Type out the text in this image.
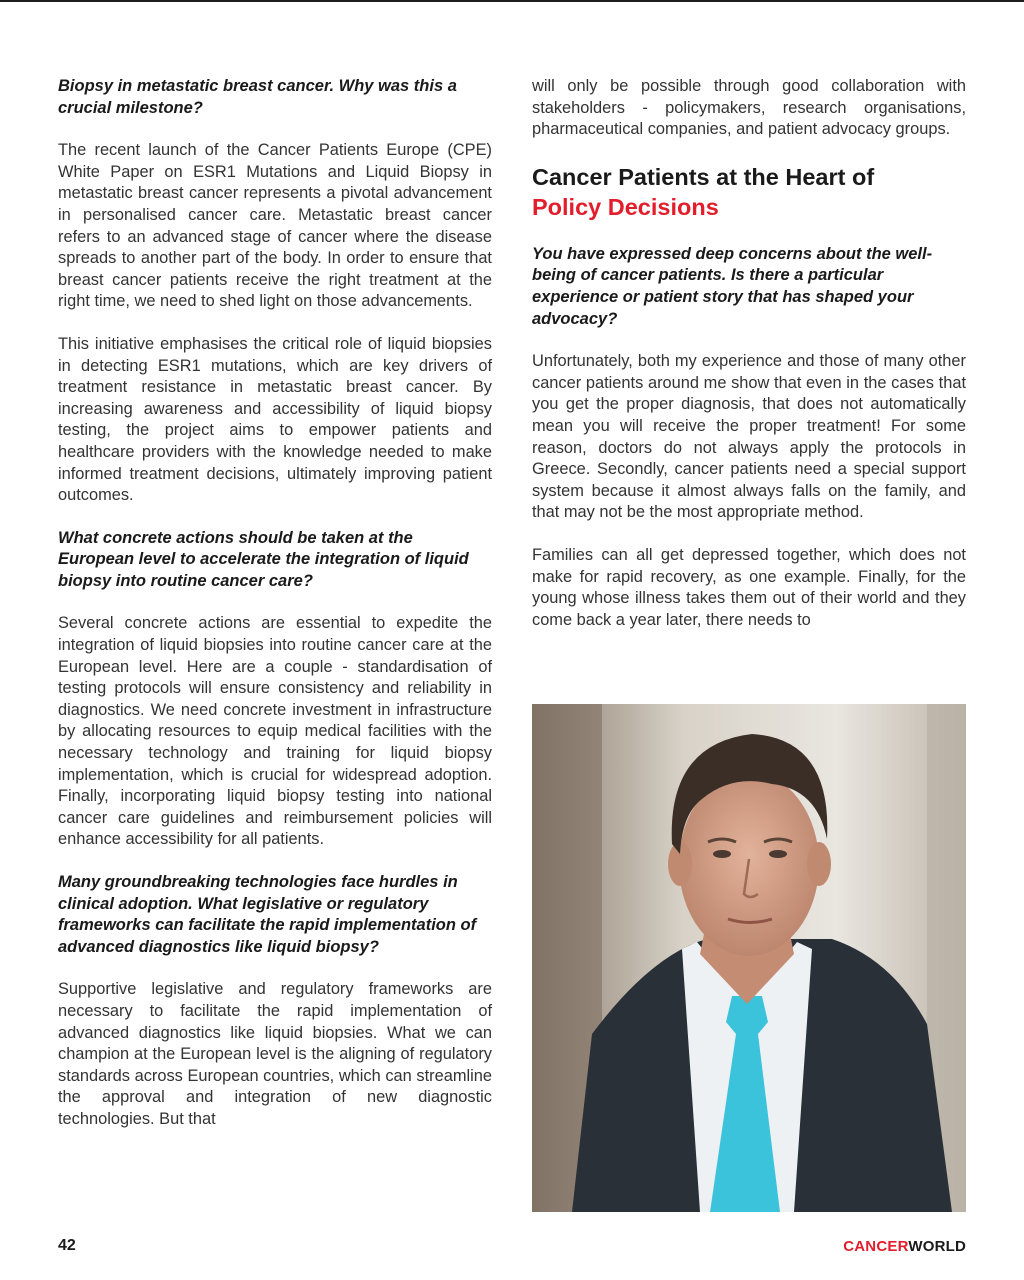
Biopsy in metastatic breast cancer. Why was this a crucial milestone?

The recent launch of the Cancer Patients Europe (CPE) White Paper on ESR1 Mutations and Liquid Biopsy in metastatic breast cancer represents a pivotal advancement in personalised cancer care. Metastatic breast cancer refers to an advanced stage of cancer where the disease spreads to another part of the body. In order to ensure that breast cancer patients receive the right treatment at the right time, we need to shed light on those advancements.

This initiative emphasises the critical role of liquid biopsies in detecting ESR1 mutations, which are key drivers of treatment resistance in metastatic breast cancer. By increasing awareness and accessibility of liquid biopsy testing, the project aims to empower patients and healthcare providers with the knowledge needed to make informed treatment decisions, ultimately improving patient outcomes.

What concrete actions should be taken at the European level to accelerate the integration of liquid biopsy into routine cancer care?

Several concrete actions are essential to expedite the integration of liquid biopsies into routine cancer care at the European level. Here are a couple - standardisation of testing protocols will ensure consistency and reliability in diagnostics. We need concrete investment in infrastructure by allocating resources to equip medical facilities with the necessary technology and training for liquid biopsy implementation, which is crucial for widespread adoption. Finally, incorporating liquid biopsy testing into national cancer care guidelines and reimbursement policies will enhance accessibility for all patients.

Many groundbreaking technologies face hurdles in clinical adoption. What legislative or regulatory frameworks can facilitate the rapid implementation of advanced diagnostics like liquid biopsy?

Supportive legislative and regulatory frameworks are necessary to facilitate the rapid implementation of advanced diagnostics like liquid biopsies. What we can champion at the European level is the aligning of regulatory standards across European countries, which can streamline the approval and integration of new diagnostic technologies. But that

will only be possible through good collaboration with stakeholders - policymakers, research organisations, pharmaceutical companies, and patient advocacy groups.

Cancer Patients at the Heart of
Policy Decisions

You have expressed deep concerns about the well-being of cancer patients. Is there a particular experience or patient story that has shaped your advocacy?

Unfortunately, both my experience and those of many other cancer patients around me show that even in the cases that you get the proper diagnosis, that does not automatically mean you will receive the proper treatment! For some reason, doctors do not always apply the protocols in Greece. Secondly, cancer patients need a special support system because it almost always falls on the family, and that may not be the most appropriate method.

Families can all get depressed together, which does not make for rapid recovery, as one example. Finally, for the young whose illness takes them out of their world and they come back a year later, there needs to

42	CANCERWORLD
